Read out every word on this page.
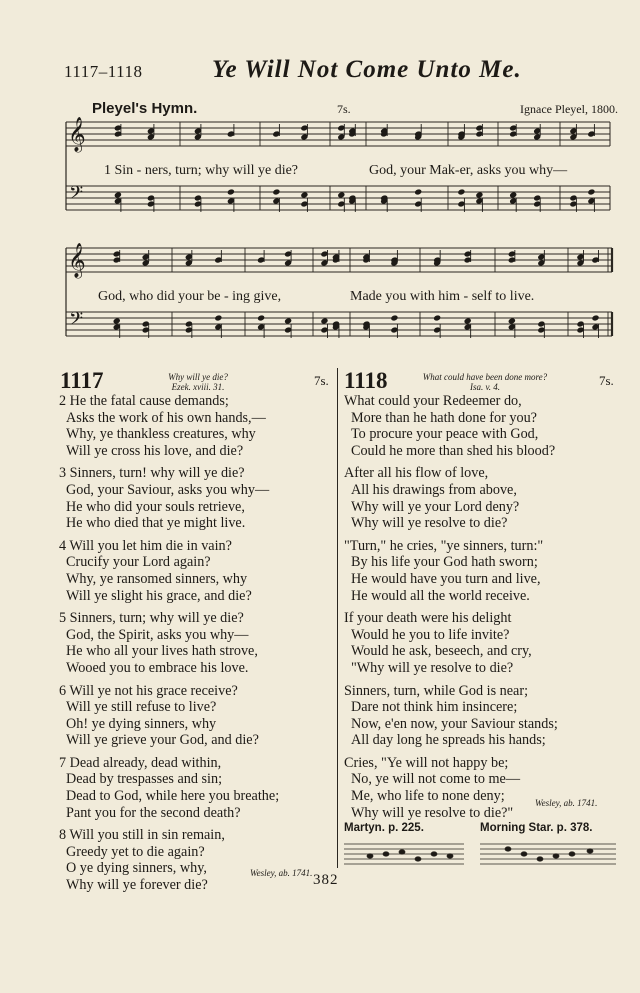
1117–1118	Ye Will Not Come Unto Me.
Pleyel's Hymn.	7s.	Ignace Pleyel, 1800.
𝄞
𝄢
𝄞
𝄢
1 Sin - ners, turn; why will ye die?	God, your Mak-er, asks you why—
God, who did your be - ing give,	Made you with him - self to live.
1117	Why will ye die?
Ezek. xviii. 31.	7s. 1118	What could have been done more?
Isa. v. 4.	7s.
2 He the fatal cause demands;
Asks the work of his own hands,—
Why, ye thankless creatures, why
Will ye cross his love, and die?
3 Sinners, turn! why will ye die?
God, your Saviour, asks you why—
He who did your souls retrieve,
He who died that ye might live.
4 Will you let him die in vain?
Crucify your Lord again?
Why, ye ransomed sinners, why
Will ye slight his grace, and die?
5 Sinners, turn; why will ye die?
God, the Spirit, asks you why—
He who all your lives hath strove,
Wooed you to embrace his love.
6 Will ye not his grace receive?
Will ye still refuse to live?
Oh! ye dying sinners, why
Will ye grieve your God, and die?
7 Dead already, dead within,
Dead by trespasses and sin;
Dead to God, while here you breathe;
Pant you for the second death?
8 Will you still in sin remain,
Greedy yet to die again?
O ye dying sinners, why,
Why will ye forever die?
Wesley, ab. 1741.
What could your Redeemer do,
More than he hath done for you?
To procure your peace with God,
Could he more than shed his blood?
After all his flow of love,
All his drawings from above,
Why will ye your Lord deny?
Why will ye resolve to die?
"Turn," he cries, "ye sinners, turn:"
By his life your God hath sworn;
He would have you turn and live,
He would all the world receive.
If your death were his delight
Would he you to life invite?
Would he ask, beseech, and cry,
"Why will ye resolve to die?
Sinners, turn, while God is near;
Dare not think him insincere;
Now, e'en now, your Saviour stands;
All day long he spreads his hands;
Cries, "Ye will not happy be;
No, ye will not come to me—
Me, who life to none deny;
Why will ye resolve to die?"
Wesley, ab. 1741.
Martyn. p. 225.	Morning Star. p. 378.
382
